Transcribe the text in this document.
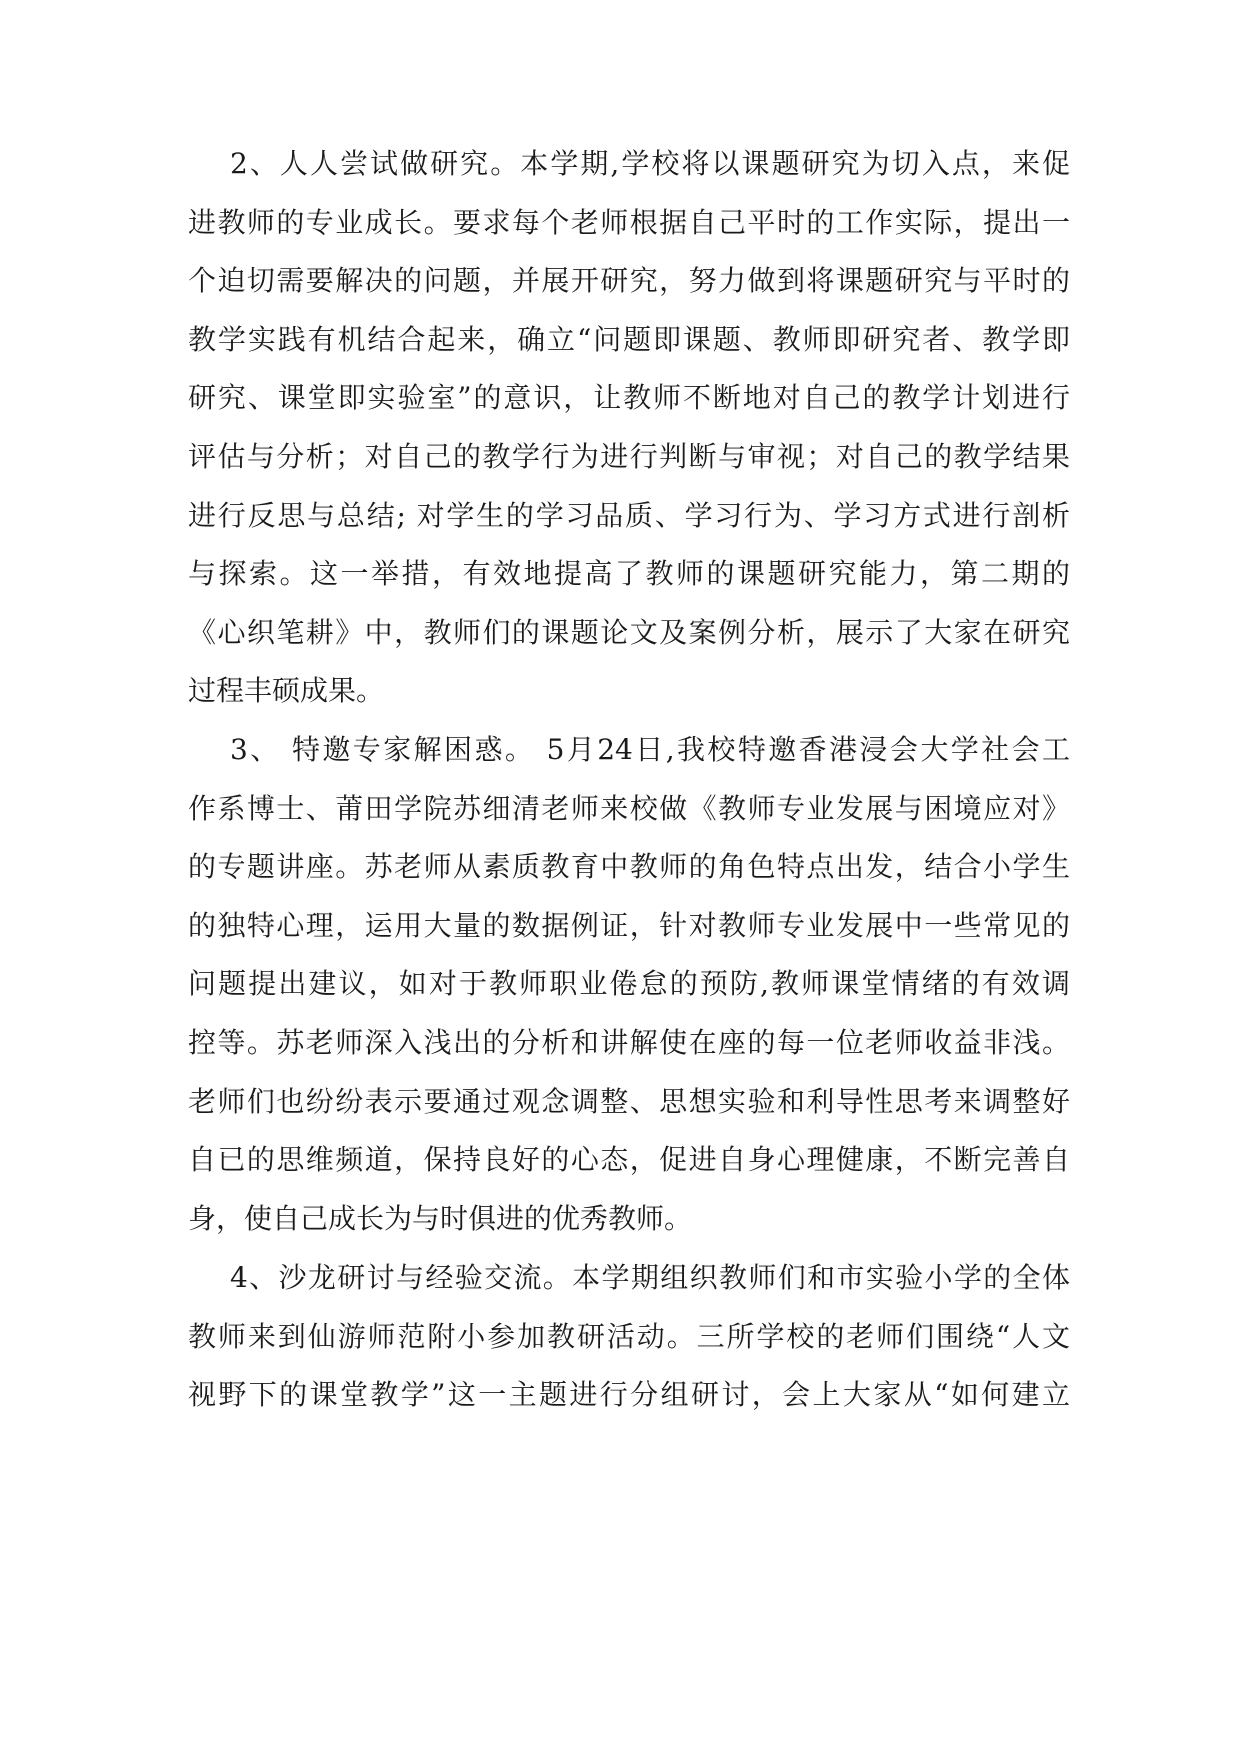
2、人人尝试做研究。本学期,学校将以课题研究为切入点，来促
进教师的专业成长。要求每个老师根据自己平时的工作实际，提出一
个迫切需要解决的问题，并展开研究，努力做到将课题研究与平时的
教学实践有机结合起来，确立“问题即课题、教师即研究者、教学即
研究、课堂即实验室”的意识，让教师不断地对自己的教学计划进行
评估与分析；对自己的教学行为进行判断与审视；对自己的教学结果
进行反思与总结; 对学生的学习品质、学习行为、学习方式进行剖析
与探索。这一举措，有效地提高了教师的课题研究能力，第二期的
《心织笔耕》中，教师们的课题论文及案例分析，展示了大家在研究
过程丰硕成果。
3、 特邀专家解困惑。 5月24日,我校特邀香港浸会大学社会工
作系博士、莆田学院苏细清老师来校做《教师专业发展与困境应对》
的专题讲座。苏老师从素质教育中教师的角色特点出发，结合小学生
的独特心理，运用大量的数据例证，针对教师专业发展中一些常见的
问题提出建议，如对于教师职业倦怠的预防,教师课堂情绪的有效调
控等。苏老师深入浅出的分析和讲解使在座的每一位老师收益非浅。
老师们也纷纷表示要通过观念调整、思想实验和利导性思考来调整好
自已的思维频道，保持良好的心态，促进自身心理健康，不断完善自
身，使自己成长为与时俱进的优秀教师。
4、沙龙研讨与经验交流。本学期组织教师们和市实验小学的全体
教师来到仙游师范附小参加教研活动。三所学校的老师们围绕“人文
视野下的课堂教学”这一主题进行分组研讨，会上大家从“如何建立
